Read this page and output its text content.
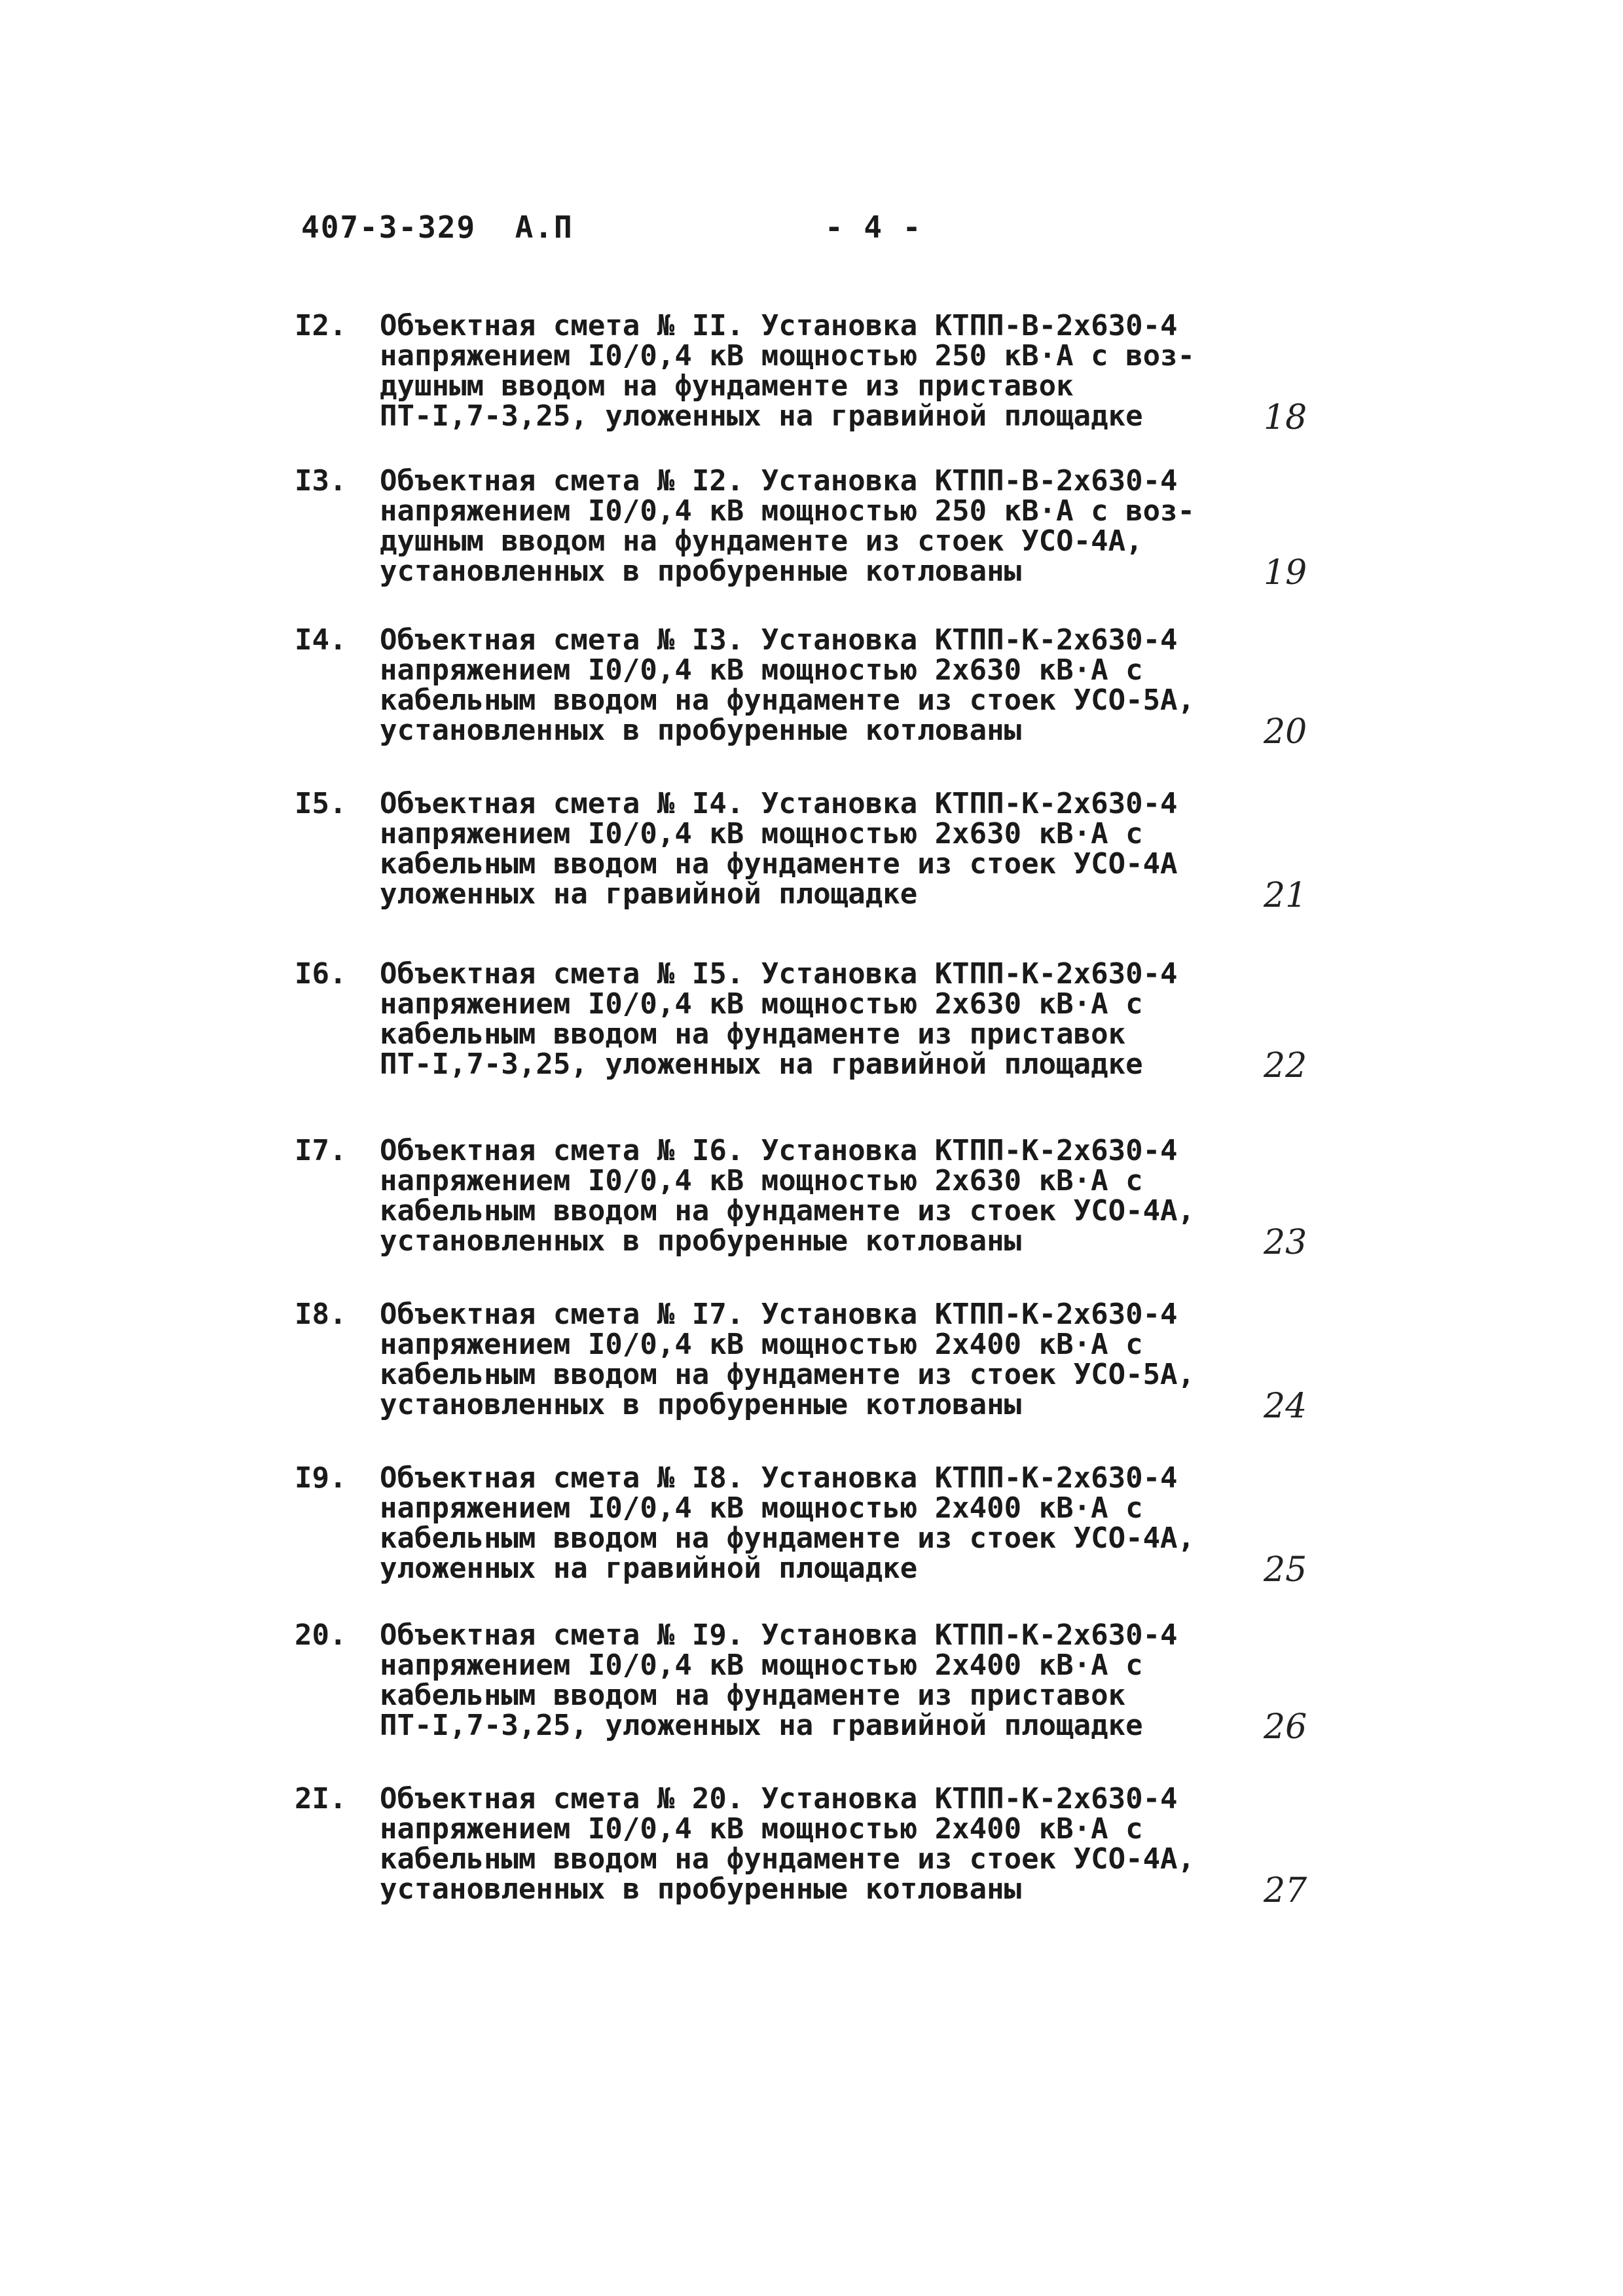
407-3-329  А.П	- 4 -
I2.	Объектная смета № II. Установка КТПП-В-2х630-4
напряжением I0/0,4 кВ мощностью 250 кВ·А с воз-
душным вводом на фундаменте из приставок
ПТ-I,7-3,25, уложенных на гравийной площадке	18
I3.	Объектная смета № I2. Установка КТПП-В-2х630-4
напряжением I0/0,4 кВ мощностью 250 кВ·А с воз-
душным вводом на фундаменте из стоек УСО-4А,
установленных в пробуренные котлованы	19
I4.	Объектная смета № I3. Установка КТПП-К-2х630-4
напряжением I0/0,4 кВ мощностью 2х630 кВ·А с
кабельным вводом на фундаменте из стоек УСО-5А,
установленных в пробуренные котлованы	20
I5.	Объектная смета № I4. Установка КТПП-К-2х630-4
напряжением I0/0,4 кВ мощностью 2х630 кВ·А с
кабельным вводом на фундаменте из стоек УСО-4А
уложенных на гравийной площадке	21
I6.	Объектная смета № I5. Установка КТПП-К-2х630-4
напряжением I0/0,4 кВ мощностью 2х630 кВ·А с
кабельным вводом на фундаменте из приставок
ПТ-I,7-3,25, уложенных на гравийной площадке	22
I7.	Объектная смета № I6. Установка КТПП-К-2х630-4
напряжением I0/0,4 кВ мощностью 2х630 кВ·А с
кабельным вводом на фундаменте из стоек УСО-4А,
установленных в пробуренные котлованы	23
I8.	Объектная смета № I7. Установка КТПП-К-2х630-4
напряжением I0/0,4 кВ мощностью 2х400 кВ·А с
кабельным вводом на фундаменте из стоек УСО-5А,
установленных в пробуренные котлованы	24
I9.	Объектная смета № I8. Установка КТПП-К-2х630-4
напряжением I0/0,4 кВ мощностью 2х400 кВ·А с
кабельным вводом на фундаменте из стоек УСО-4А,
уложенных на гравийной площадке	25
20.	Объектная смета № I9. Установка КТПП-К-2х630-4
напряжением I0/0,4 кВ мощностью 2х400 кВ·А с
кабельным вводом на фундаменте из приставок
ПТ-I,7-3,25, уложенных на гравийной площадке	26
2I.	Объектная смета № 20. Установка КТПП-К-2х630-4
напряжением I0/0,4 кВ мощностью 2х400 кВ·А с
кабельным вводом на фундаменте из стоек УСО-4А,
установленных в пробуренные котлованы	27
